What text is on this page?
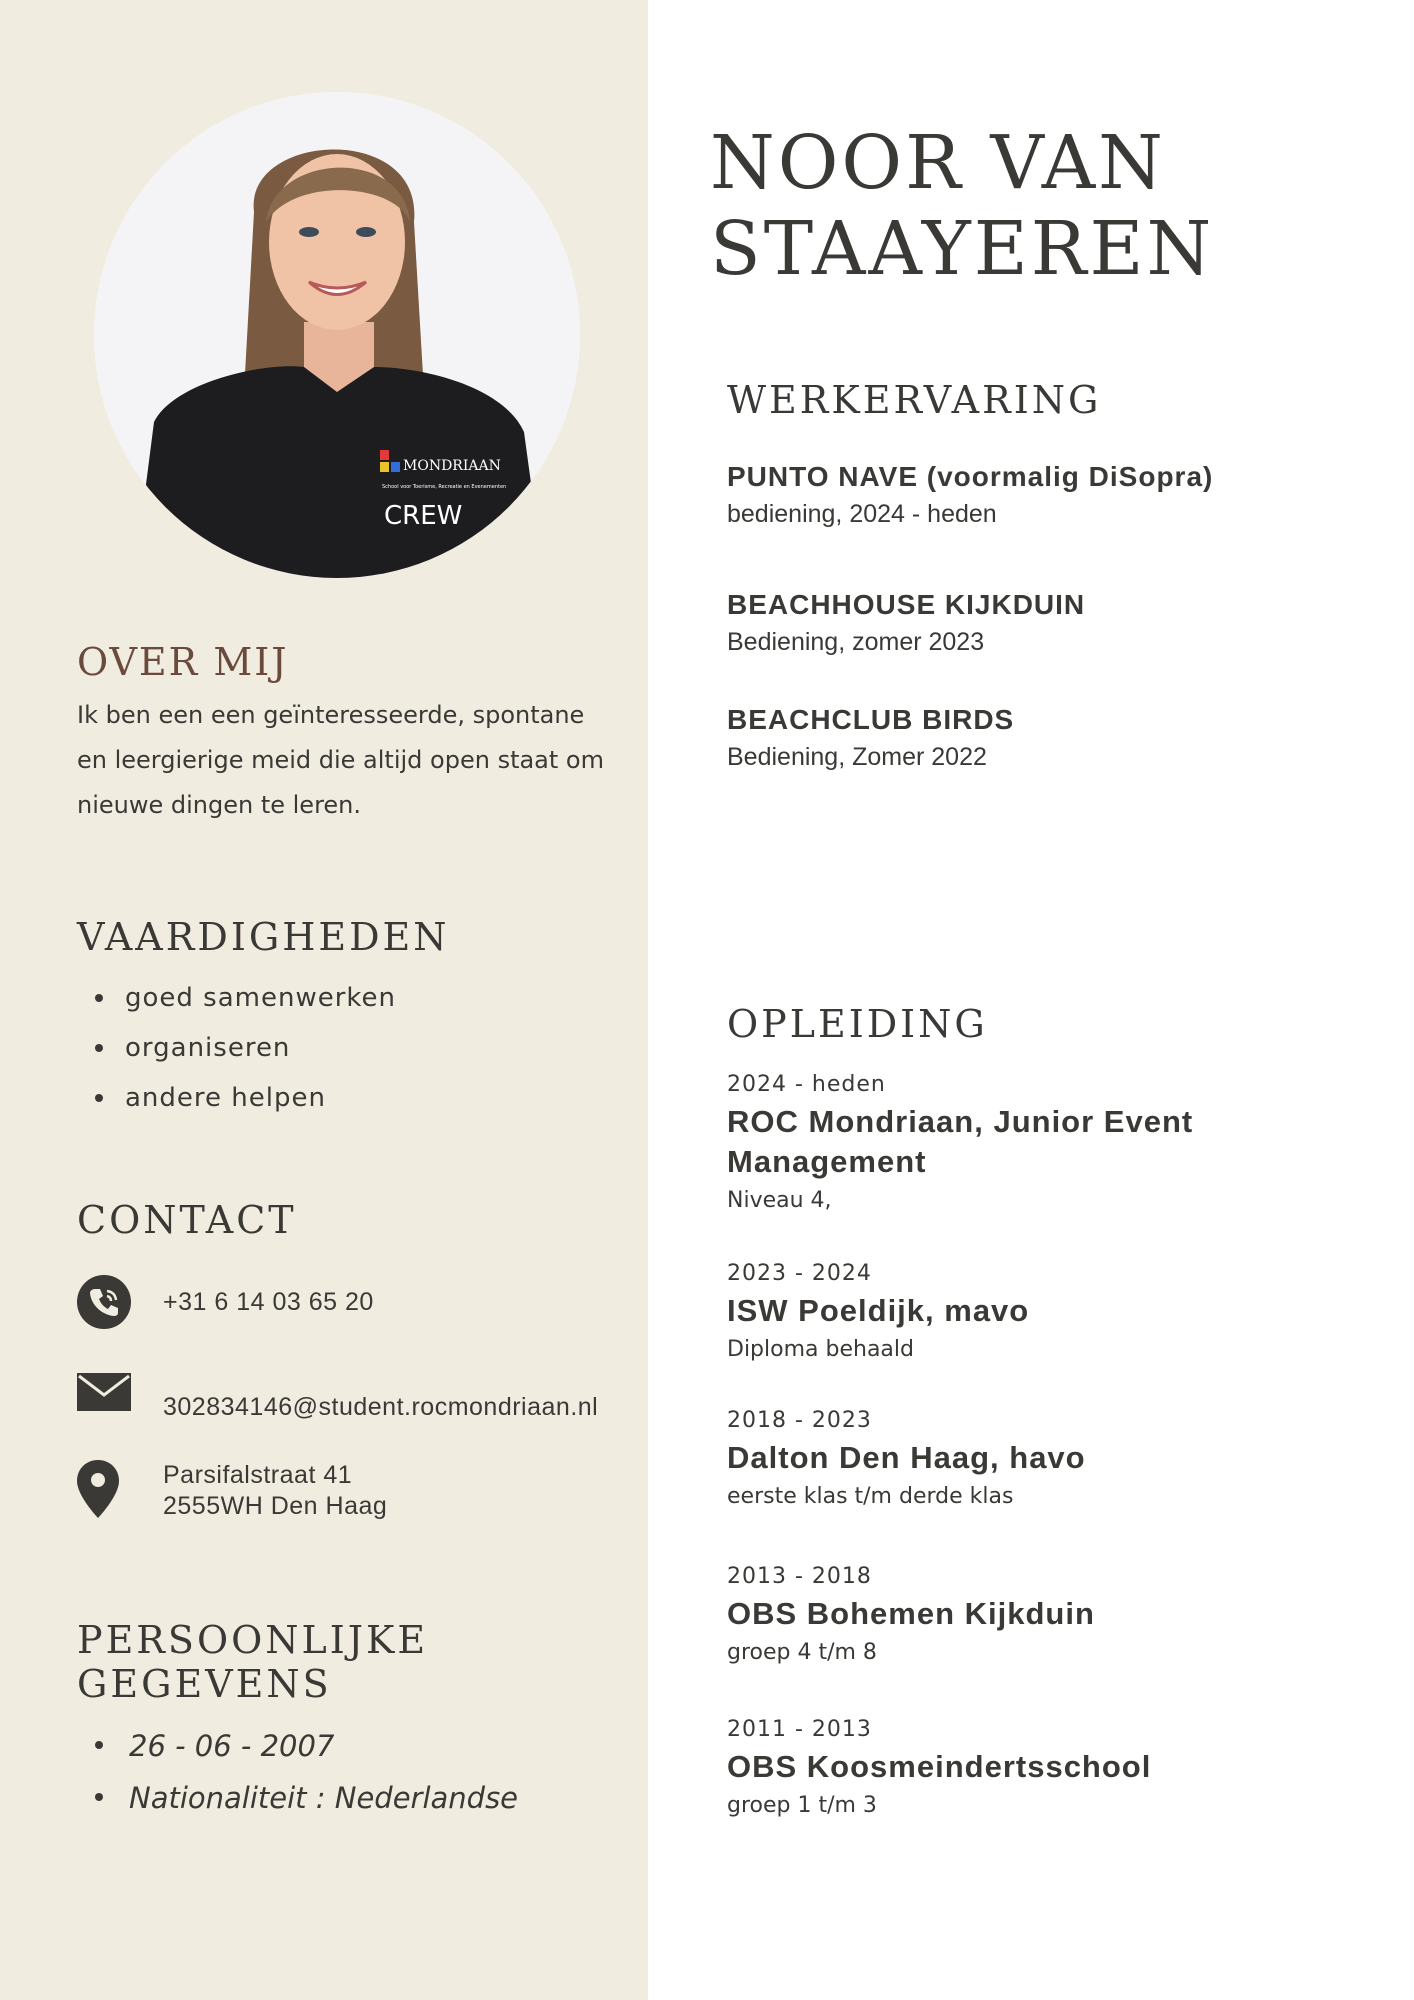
MONDRIAAN
School voor Toerisme, Recreatie en Evenementen
CREW
OVER MIJ

Ik ben een een geïnteresseerde, spontane en leergierige meid die altijd open staat om nieuwe dingen te leren.

VAARDIGHEDEN
goed samenwerken
organiseren
andere helpen
CONTACT

+31 6 14 03 65 20

302834146@student.rocmondriaan.nl

Parsifalstraat 41
2555WH Den Haag
PERSOONLIJKE
GEGEVENS
26 - 06 - 2007
Nationaliteit : Nederlandse
NOOR VAN
STAAYEREN
WERKERVARING
PUNTO NAVE (voormalig DiSopra)
bediening, 2024 - heden
BEACHHOUSE KIJKDUIN
Bediening, zomer 2023
BEACHCLUB BIRDS
Bediening, Zomer 2022
OPLEIDING
2024 - heden
ROC Mondriaan, Junior Event Management
Niveau 4,
2023 - 2024
ISW Poeldijk, mavo
Diploma behaald
2018 - 2023
Dalton Den Haag, havo
eerste klas t/m derde klas
2013 - 2018
OBS Bohemen Kijkduin
groep 4 t/m 8
2011 - 2013
OBS Koosmeindertsschool
groep 1 t/m 3
